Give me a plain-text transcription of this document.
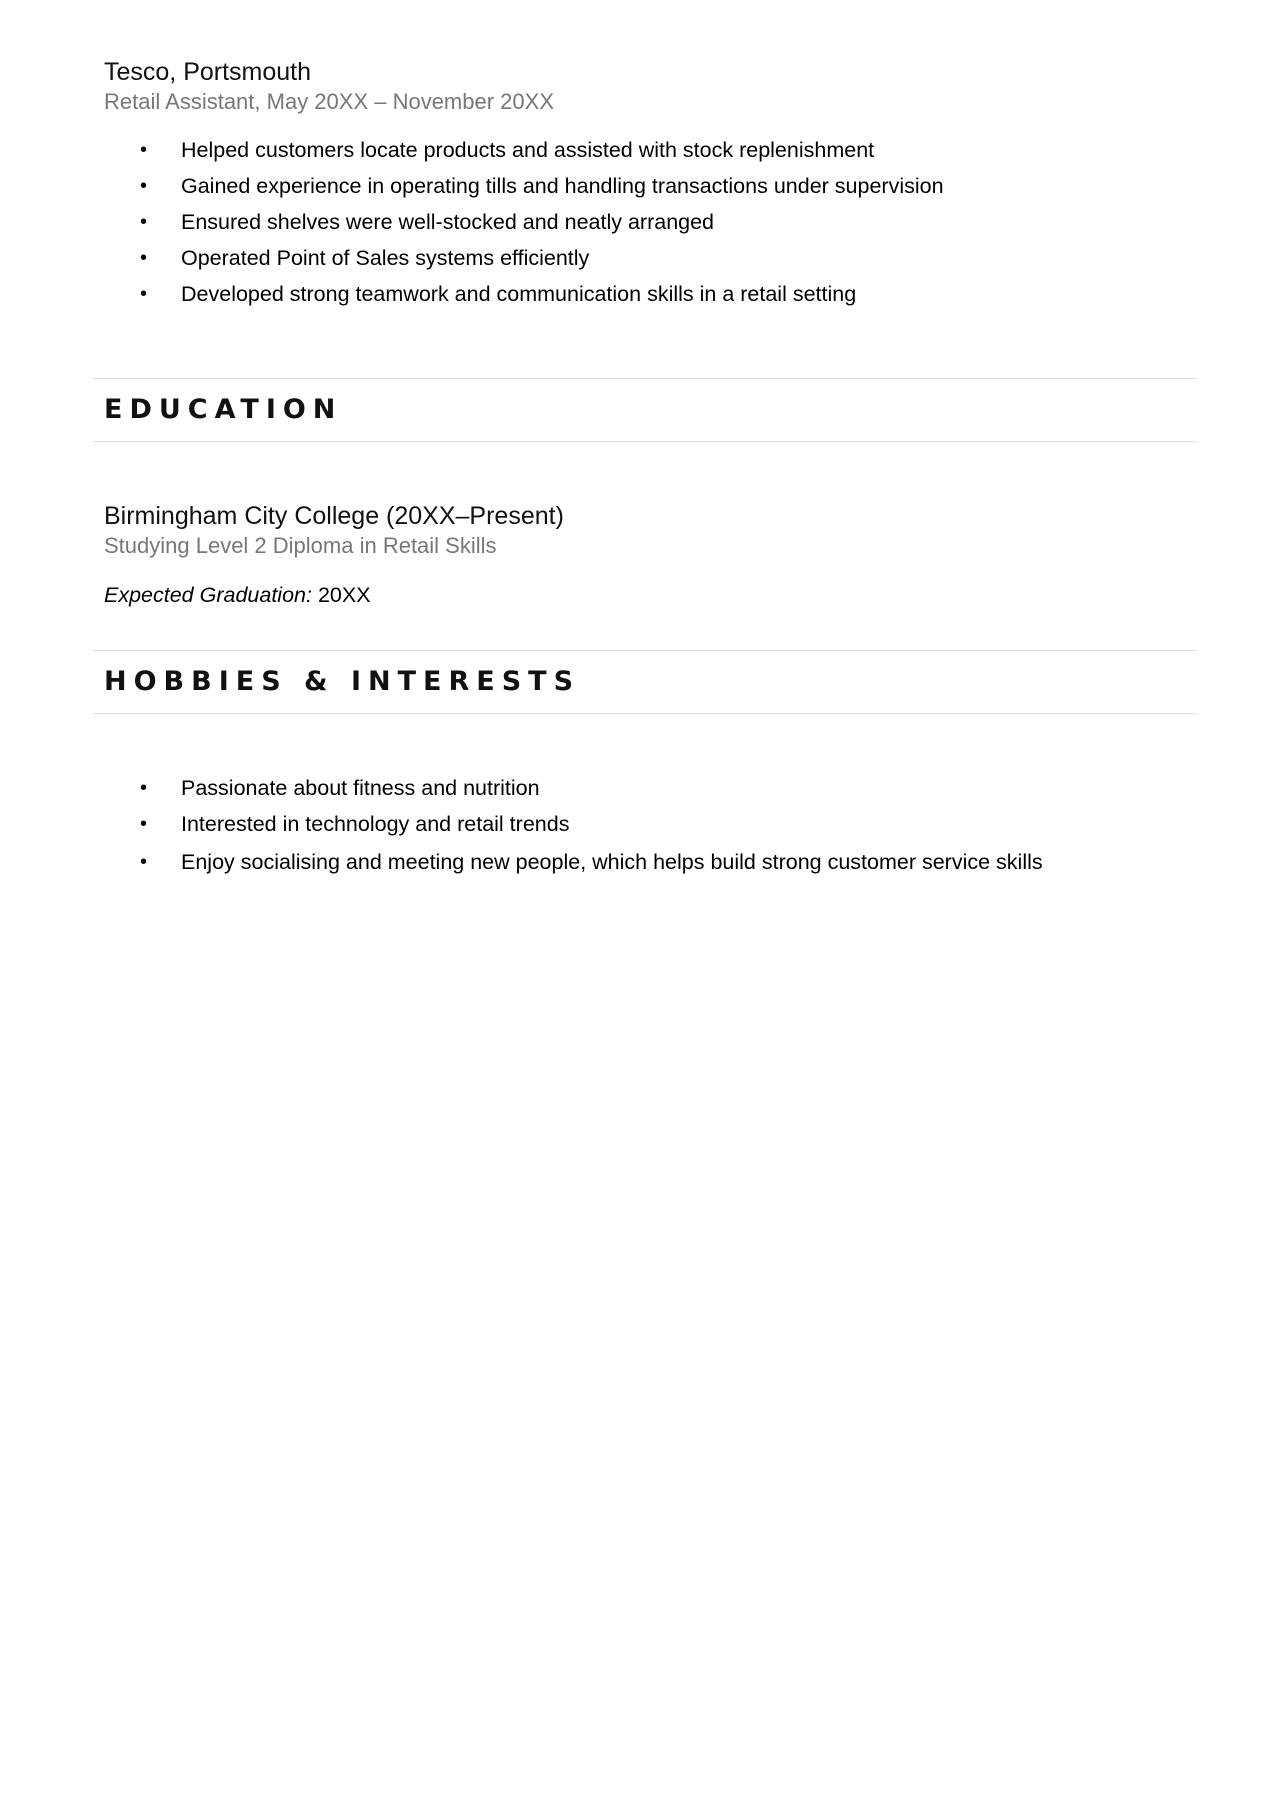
Tesco, Portsmouth
Retail Assistant, May 20XX – November 20XX
• Helped customers locate products and assisted with stock replenishment
• Gained experience in operating tills and handling transactions under supervision
• Ensured shelves were well-stocked and neatly arranged
• Operated Point of Sales systems efficiently
• Developed strong teamwork and communication skills in a retail setting
EDUCATION
Birmingham City College (20XX–Present)
Studying Level 2 Diploma in Retail Skills
Expected Graduation: 20XX
HOBBIES & INTERESTS
• Passionate about fitness and nutrition
• Interested in technology and retail trends
• Enjoy socialising and meeting new people, which helps build strong customer service skills
